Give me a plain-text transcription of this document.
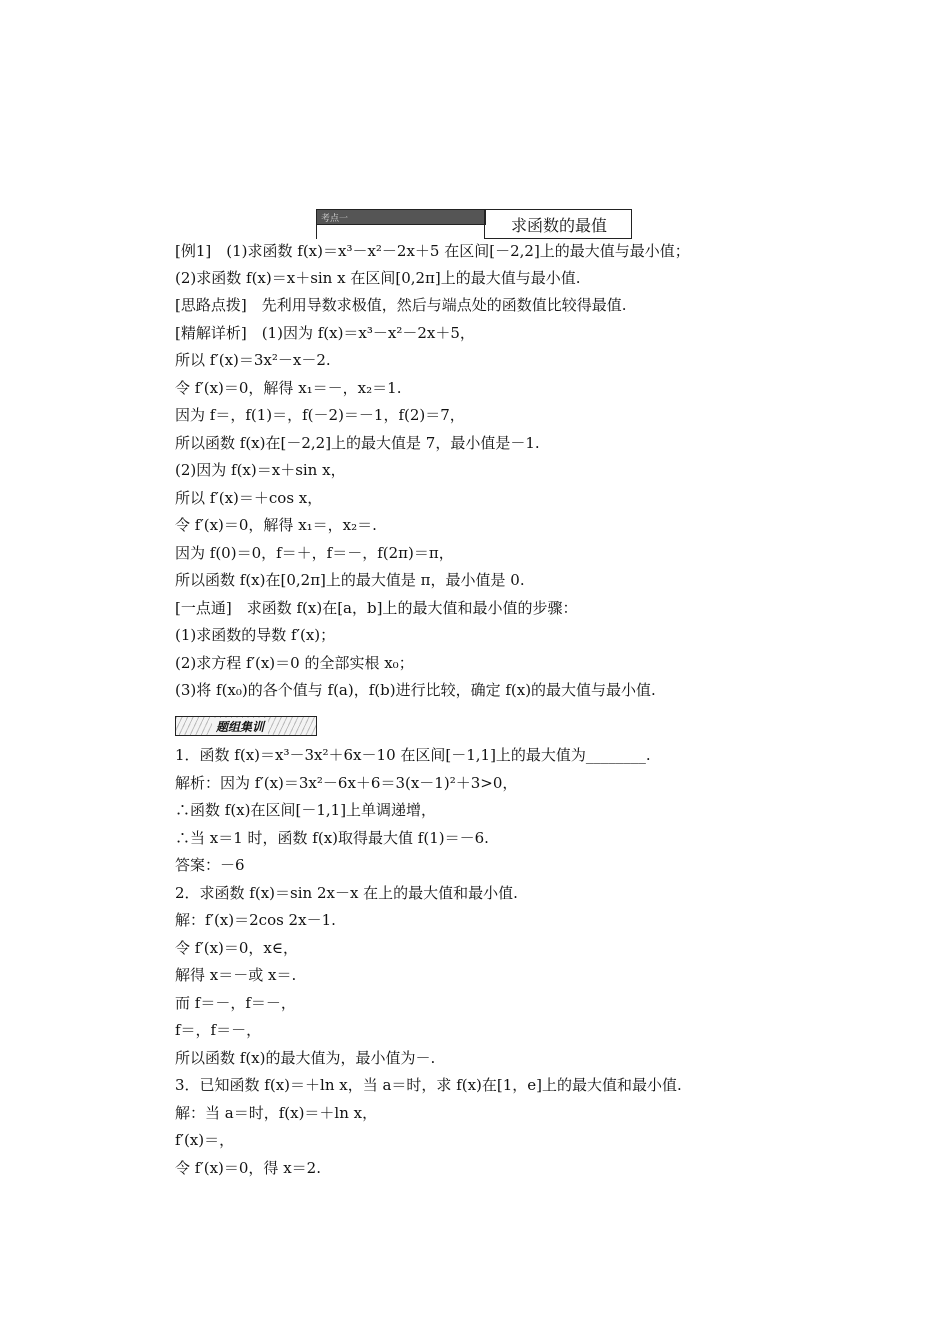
考点一	求函数的最值
[例1]　(1)求函数 f(x)＝x³－x²－2x＋5 在区间[－2,2]上的最大值与最小值；
(2)求函数 f(x)＝x＋sin x 在区间[0,2π]上的最大值与最小值.
[思路点拨]　先利用导数求极值，然后与端点处的函数值比较得最值.
[精解详析]　(1)因为 f(x)＝x³－x²－2x＋5，
所以 f′(x)＝3x²－x－2.
令 f′(x)＝0，解得 x₁＝－，x₂＝1.
因为 f＝，f(1)＝，f(－2)＝－1，f(2)＝7，
所以函数 f(x)在[－2,2]上的最大值是 7，最小值是－1.
(2)因为 f(x)＝x＋sin x，
所以 f′(x)＝＋cos x，
令 f′(x)＝0，解得 x₁＝，x₂＝.
因为 f(0)＝0，f＝＋，f＝－，f(2π)＝π，
所以函数 f(x)在[0,2π]上的最大值是 π，最小值是 0.
[一点通]　求函数 f(x)在[a，b]上的最大值和最小值的步骤：
(1)求函数的导数 f′(x)；
(2)求方程 f′(x)＝0 的全部实根 x₀；
(3)将 f(x₀)的各个值与 f(a)，f(b)进行比较，确定 f(x)的最大值与最小值.
题组集训
1．函数 f(x)＝x³－3x²＋6x－10 在区间[－1,1]上的最大值为________.
解析：因为 f′(x)＝3x²－6x＋6＝3(x－1)²＋3>0，
∴函数 f(x)在区间[－1,1]上单调递增，
∴当 x＝1 时，函数 f(x)取得最大值 f(1)＝－6.
答案：－6
2．求函数 f(x)＝sin 2x－x 在上的最大值和最小值.
解：f′(x)＝2cos 2x－1.
令 f′(x)＝0，x∈，
解得 x＝－或 x＝.
而 f＝－，f＝－，
f＝，f＝－，
所以函数 f(x)的最大值为，最小值为－.
3．已知函数 f(x)＝＋ln x，当 a＝时，求 f(x)在[1，e]上的最大值和最小值.
解：当 a＝时，f(x)＝＋ln x，
f′(x)＝，
令 f′(x)＝0，得 x＝2.
